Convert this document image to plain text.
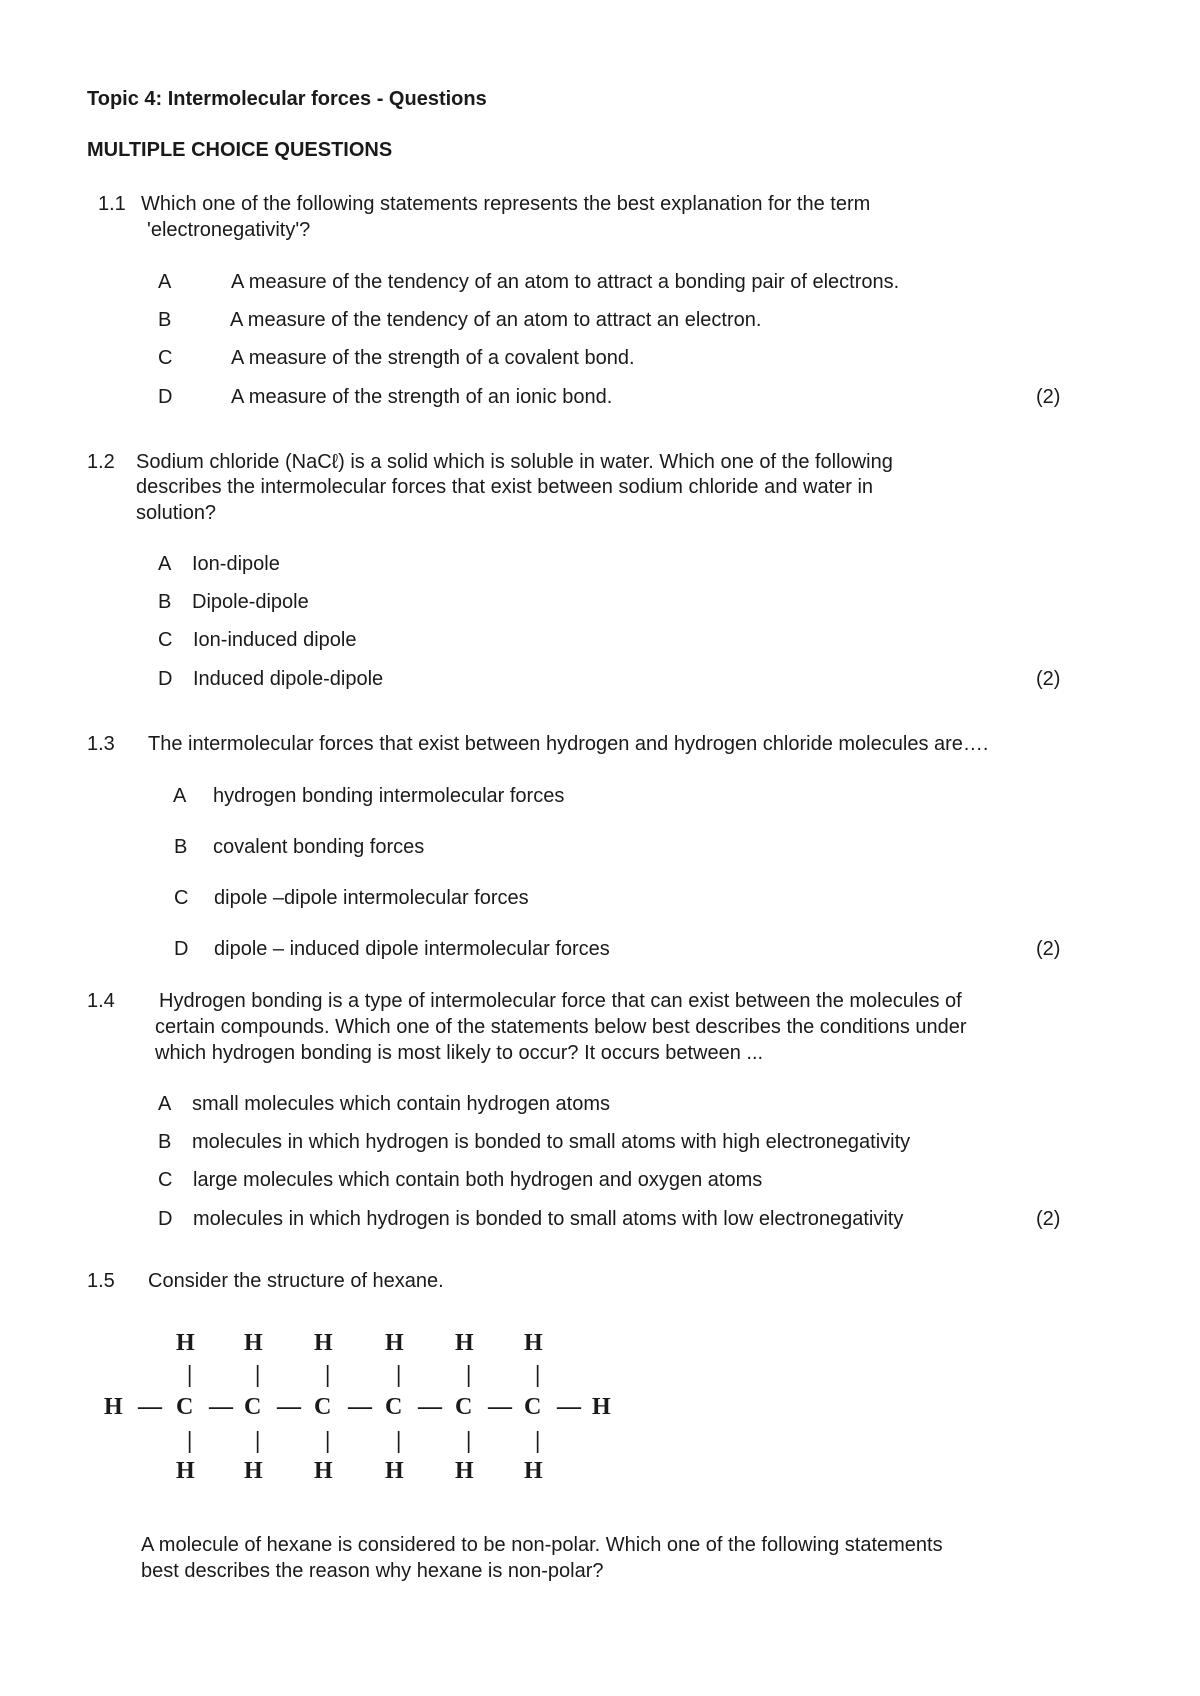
Topic 4: Intermolecular forces - Questions
MULTIPLE CHOICE QUESTIONS
1.1 Which one of the following statements represents the best explanation for the term
'electronegativity'?
A	A measure of the tendency of an atom to attract a bonding pair of electrons.
B	A measure of the tendency of an atom to attract an electron.
C	A measure of the strength of a covalent bond.
D	A measure of the strength of an ionic bond.	(2)
1.2 Sodium chloride (NaCℓ) is a solid which is soluble in water. Which one of the following
describes the intermolecular forces that exist between sodium chloride and water in
solution?
A Ion-dipole
B Dipole-dipole
C Ion-induced dipole
D Induced dipole-dipole	(2)
1.3 The intermolecular forces that exist between hydrogen and hydrogen chloride molecules are….
A hydrogen bonding intermolecular forces
B covalent bonding forces
C dipole –dipole intermolecular forces
D dipole – induced dipole intermolecular forces	(2)
1.4 Hydrogen bonding is a type of intermolecular force that can exist between the molecules of
certain compounds. Which one of the statements below best describes the conditions under
which hydrogen bonding is most likely to occur? It occurs between ...
A small molecules which contain hydrogen atoms
B molecules in which hydrogen is bonded to small atoms with high electronegativity
C large molecules which contain both hydrogen and oxygen atoms
D molecules in which hydrogen is bonded to small atoms with low electronegativity	(2)
1.5 Consider the structure of hexane.
H H H H H H
|	|	|	|	|	|
H — C — C — C — C — C — C — H
|	|	|	|	|	|
H H H H H H
A molecule of hexane is considered to be non-polar. Which one of the following statements
best describes the reason why hexane is non-polar?
